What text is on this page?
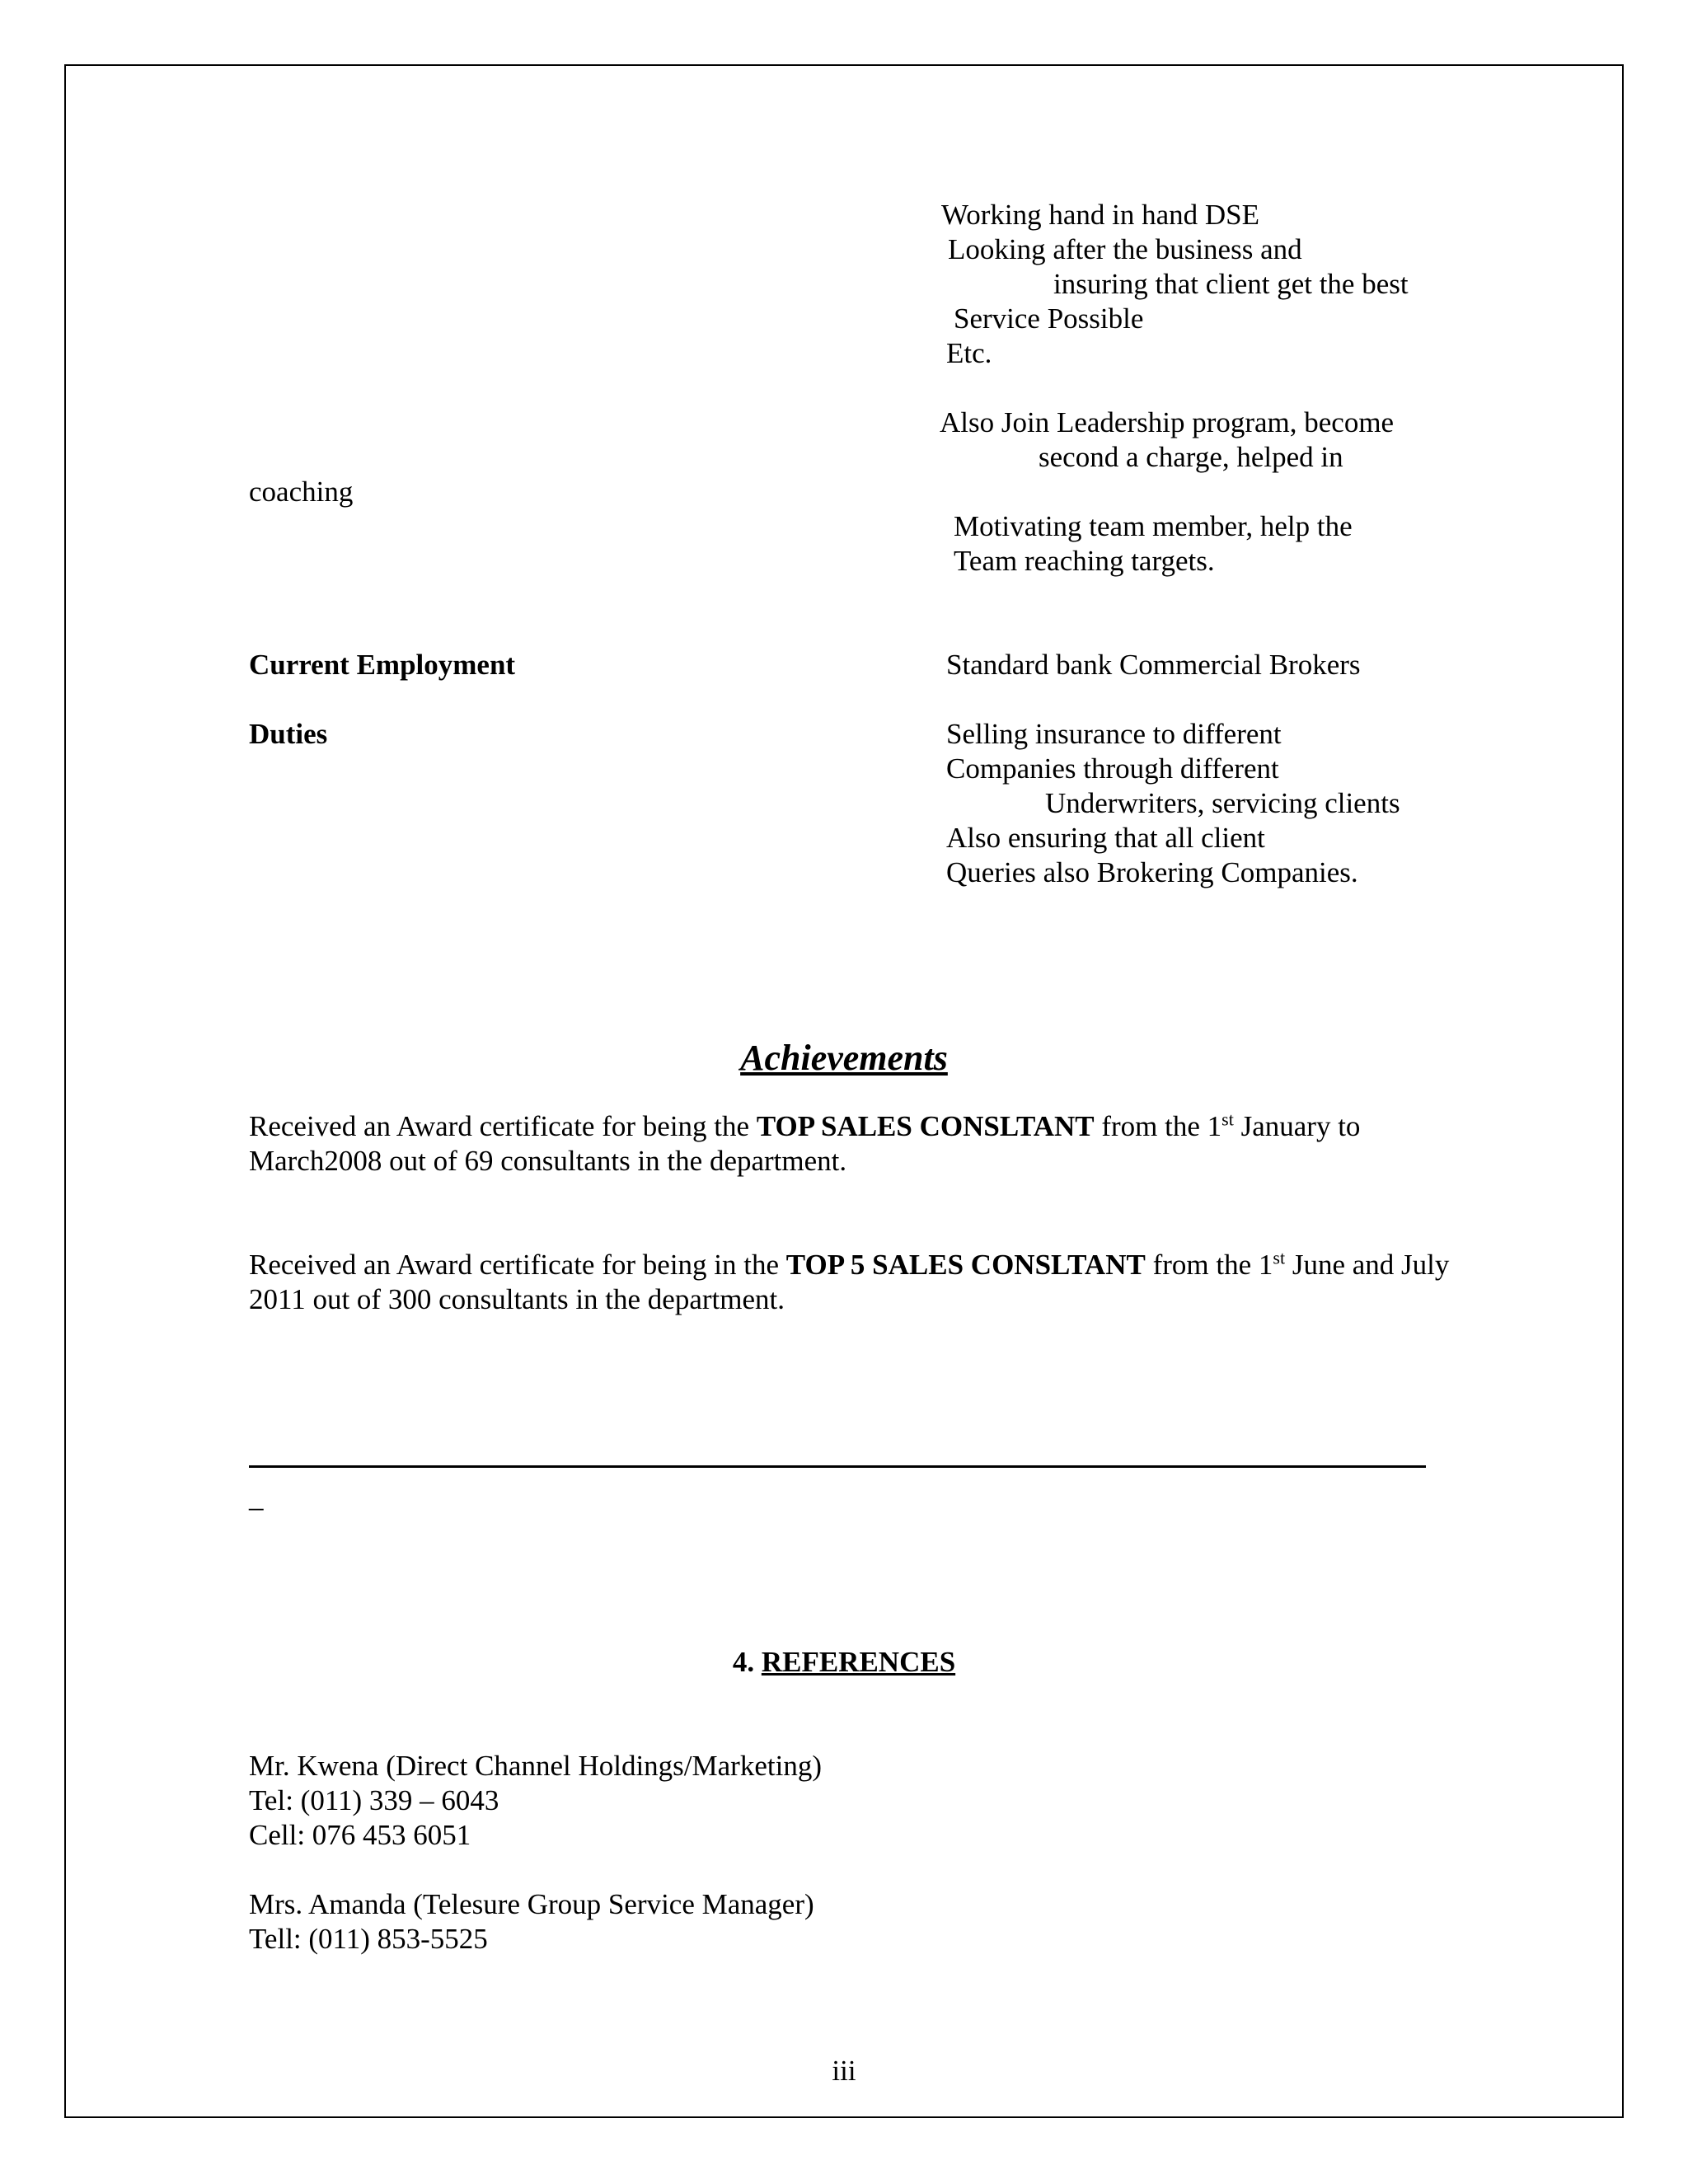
Working hand in hand DSE
Looking after the business and
insuring that client get the best
Service Possible
Etc.
Also Join Leadership program, become
second a charge, helped in
coaching
Motivating team member, help the
Team reaching targets.
Current Employment	Standard bank Commercial Brokers
Duties	Selling insurance to different
Companies through different
Underwriters, servicing clients
Also ensuring that all client
Queries also Brokering Companies.
Achievements
Received an Award certificate for being the TOP SALES CONSLTANT from the 1st January to March2008 out of 69 consultants in the department.
Received an Award certificate for being in the TOP 5 SALES CONSLTANT from the 1st June and July 2011 out of 300 consultants in the department.
_
4. REFERENCES
Mr. Kwena (Direct Channel Holdings/Marketing)
Tel: (011) 339 – 6043
Cell: 076 453 6051
Mrs. Amanda (Telesure Group Service Manager)
Tell: (011) 853-5525
iii
